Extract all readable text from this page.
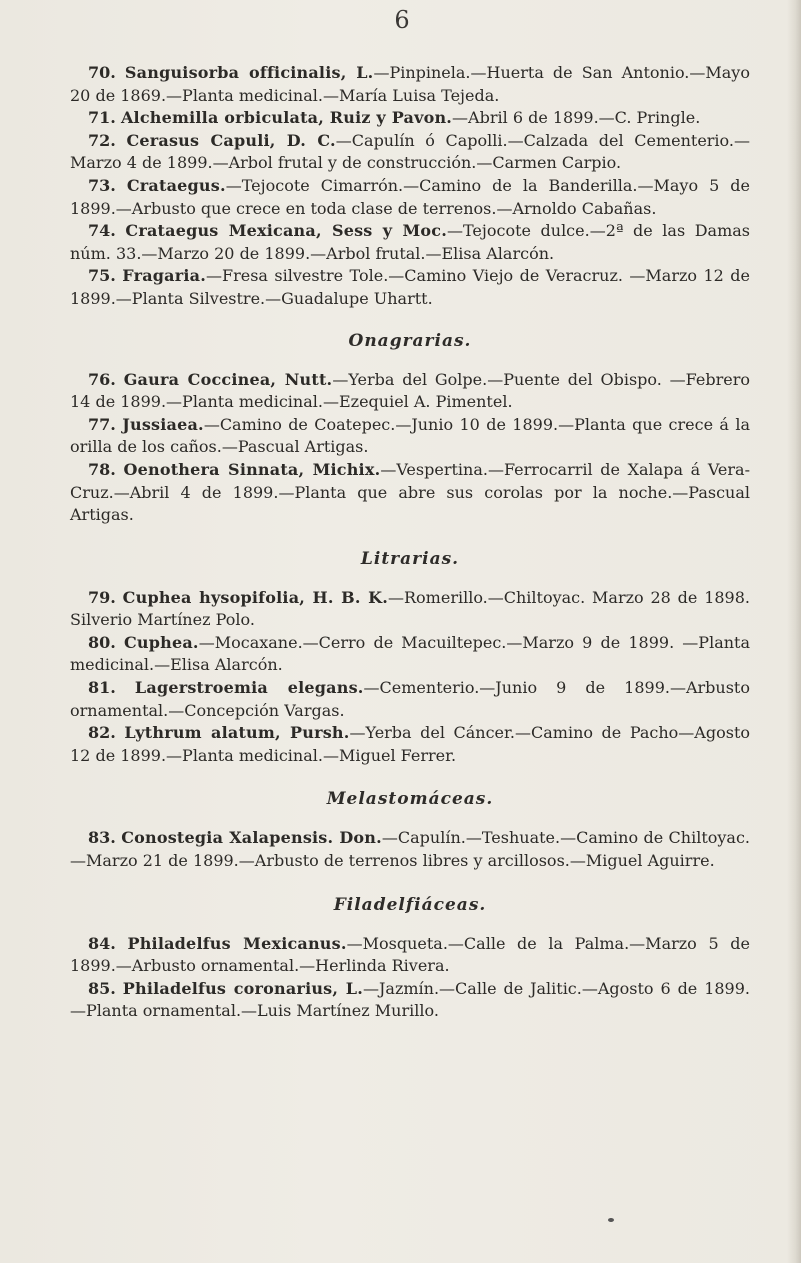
6

70. Sanguisorba officinalis, L.—Pinpinela.—Huerta de San Antonio.—Mayo 20 de 1869.—Planta medicinal.—María Luisa Tejeda.

71. Alchemilla orbiculata, Ruiz y Pavon.—Abril 6 de 1899.—C. Pringle.

72. Cerasus Capuli, D. C.—Capulín ó Capolli.—Calzada del Cementerio.—Marzo 4 de 1899.—Arbol frutal y de construcción.—Carmen Carpio.

73. Crataegus.—Tejocote Cimarrón.—Camino de la Banderilla.—Mayo 5 de 1899.—Arbusto que crece en toda clase de terrenos.—Arnoldo Cabañas.

74. Crataegus Mexicana, Sess y Moc.—Tejocote dulce.—2ª de las Damas núm. 33.—Marzo 20 de 1899.—Arbol frutal.—Elisa Alarcón.

75. Fragaria.—Fresa silvestre Tole.—Camino Viejo de Veracruz. —Marzo 12 de 1899.—Planta Silvestre.—Guadalupe Uhartt.

Onagrarias.

76. Gaura Coccinea, Nutt.—Yerba del Golpe.—Puente del Obispo. —Febrero 14 de 1899.—Planta medicinal.—Ezequiel A. Pimentel.

77. Jussiaea.—Camino de Coatepec.—Junio 10 de 1899.—Planta que crece á la orilla de los caños.—Pascual Artigas.

78. Oenothera Sinnata, Michix.—Vespertina.—Ferrocarril de Xalapa á Vera-Cruz.—Abril 4 de 1899.—Planta que abre sus corolas por la noche.—Pascual Artigas.

Litrarias.

79. Cuphea hysopifolia, H. B. K.—Romerillo.—Chiltoyac. Marzo 28 de 1898. Silverio Martínez Polo.

80. Cuphea.—Mocaxane.—Cerro de Macuiltepec.—Marzo 9 de 1899. —Planta medicinal.—Elisa Alarcón.

81. Lagerstroemia elegans.—Cementerio.—Junio 9 de 1899.—Arbusto ornamental.—Concepción Vargas.

82. Lythrum alatum, Pursh.—Yerba del Cáncer.—Camino de Pacho—Agosto 12 de 1899.—Planta medicinal.—Miguel Ferrer.

Melastomáceas.

83. Conostegia Xalapensis. Don.—Capulín.—Teshuate.—Camino de Chiltoyac.—Marzo 21 de 1899.—Arbusto de terrenos libres y arcillosos.—Miguel Aguirre.

Filadelfiáceas.

84. Philadelfus Mexicanus.—Mosqueta.—Calle de la Palma.—Marzo 5 de 1899.—Arbusto ornamental.—Herlinda Rivera.

85. Philadelfus coronarius, L.—Jazmín.—Calle de Jalitic.—Agosto 6 de 1899.—Planta ornamental.—Luis Martínez Murillo.
